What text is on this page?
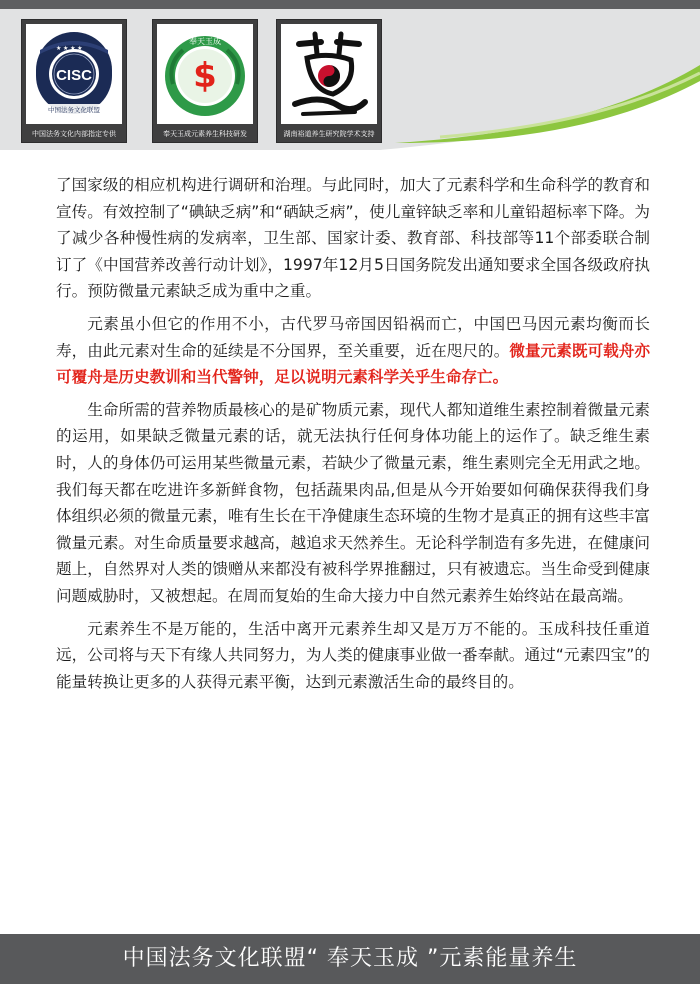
CISC
★ ★ ★ ★
中国法务文化联盟
中国法务文化内部指定专供
$
奉天玉成
奉天玉成元素养生科技研发	湖南裕道养生研究院学术支持

了国家级的相应机构进行调研和治理。与此同时，加大了元素科学和生命科学的教育和宣传。有效控制了“碘缺乏病”和“硒缺乏病”，使儿童锌缺乏率和儿童铅超标率下降。为了减少各种慢性病的发病率，卫生部、国家计委、教育部、科技部等11个部委联合制订了《中国营养改善行动计划》，1997年12月5日国务院发出通知要求全国各级政府执行。预防微量元素缺乏成为重中之重。

元素虽小但它的作用不小，古代罗马帝国因铅祸而亡，中国巴马因元素均衡而长寿，由此元素对生命的延续是不分国界，至关重要，近在咫尺的。微量元素既可载舟亦可覆舟是历史教训和当代警钟，足以说明元素科学关乎生命存亡。

生命所需的营养物质最核心的是矿物质元素，现代人都知道维生素控制着微量元素的运用，如果缺乏微量元素的话，就无法执行任何身体功能上的运作了。缺乏维生素时，人的身体仍可运用某些微量元素，若缺少了微量元素，维生素则完全无用武之地。我们每天都在吃进许多新鲜食物，包括蔬果肉品,但是从今开始要如何确保获得我们身体组织必须的微量元素，唯有生长在干净健康生态环境的生物才是真正的拥有这些丰富微量元素。对生命质量要求越高，越追求天然养生。无论科学制造有多先进，在健康问题上，自然界对人类的馈赠从来都没有被科学界推翻过，只有被遗忘。当生命受到健康问题威胁时，又被想起。在周而复始的生命大接力中自然元素养生始终站在最高端。

元素养生不是万能的，生活中离开元素养生却又是万万不能的。玉成科技任重道远，公司将与天下有缘人共同努力，为人类的健康事业做一番奉献。通过“元素四宝”的能量转换让更多的人获得元素平衡，达到元素激活生命的最终目的。

中国法务文化联盟“ 奉天玉成 ”元素能量养生
